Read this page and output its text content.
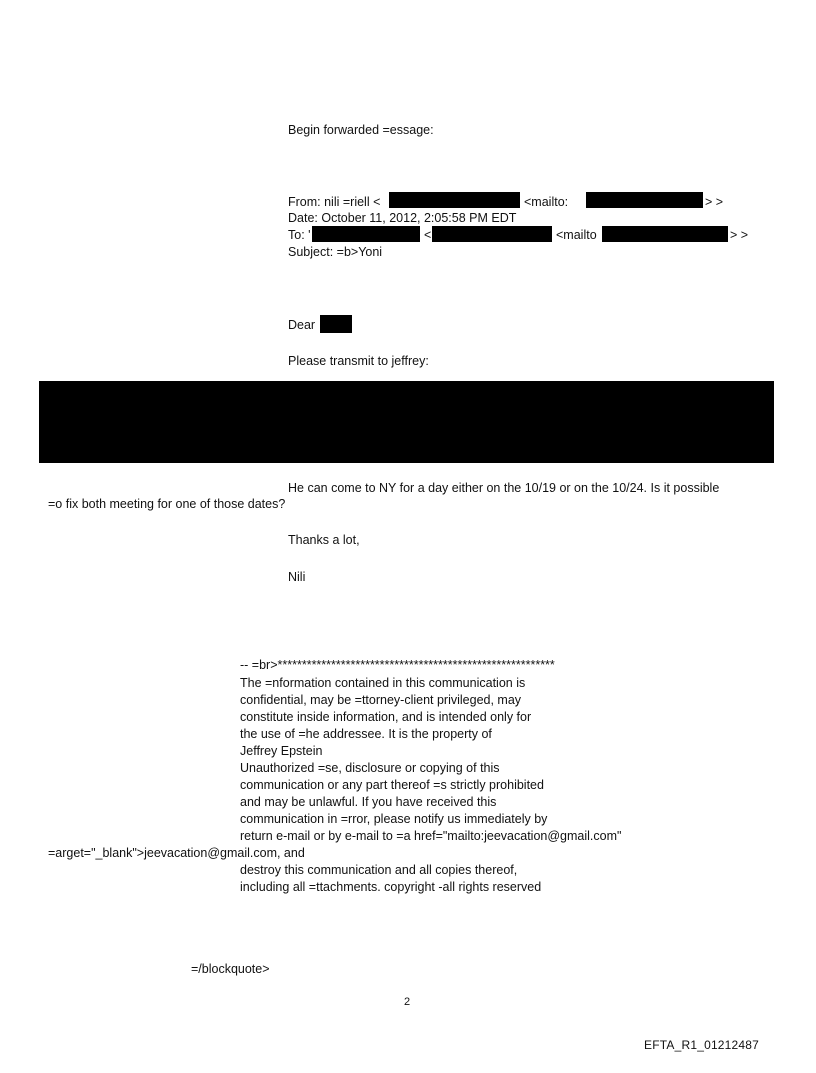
Begin forwarded =essage:
From: nili =riell <	<mailto:	> >
Date: October 11, 2012, 2:05:58 PM EDT
To: '	<	<mailto	> >
Subject: =b>Yoni
Dear
Please transmit to jeffrey:
He can come to NY for a day either on the 10/19 or on the 10/24. Is it possible
=o fix both meeting for one of those dates?
Thanks a lot,
Nili
-- =br>*********************************************************
The =nformation contained in this communication is
confidential, may be =ttorney-client privileged, may
constitute inside information, and is intended only for
the use of =he addressee. It is the property of
Jeffrey Epstein
Unauthorized =se, disclosure or copying of this
communication or any part thereof =s strictly prohibited
and may be unlawful. If you have received this
communication in =rror, please notify us immediately by
return e-mail or by e-mail to =a href="mailto:jeevacation@gmail.com"
=arget="_blank">jeevacation@gmail.com, and
destroy this communication and all copies thereof,
including all =ttachments. copyright -all rights reserved
=/blockquote>
2
EFTA_R1_01212487
